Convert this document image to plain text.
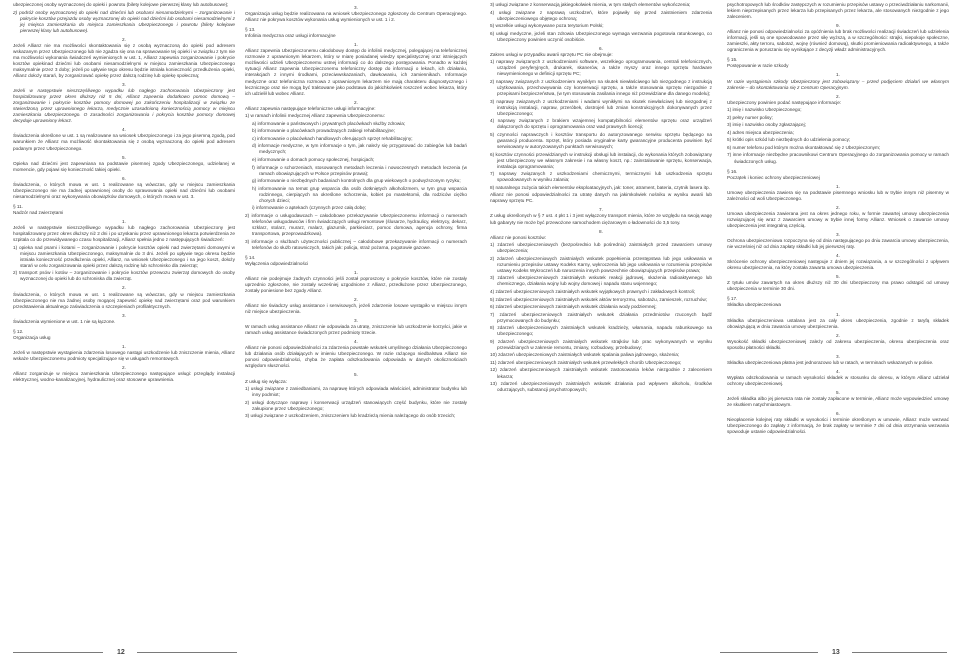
ubezpieczonej osoby wyznaczonej do opieki i powrotu (bilety kolejowe pierwszej klasy lub autobusowe);

2) podróż osoby wyznaczonej do opieki nad dziećmi lub osobami niesamodzielnymi – zorganizowanie i pokrycie kosztów przejazdu osoby wyznaczonej do opieki nad dziećmi lub osobami niesamodzielnymi z jej miejsca zamieszkania do miejsca zamieszkania Ubezpieczonego i powrotu (bilety kolejowe pierwszej klasy lub autobusowe).

2.

Jeżeli Allianz nie ma możliwości skontaktowania się z osobą wyznaczoną do opieki pod adresem wskazanym przez Ubezpieczonego lub nie zgadza się ona na sprawowanie tej opieki i w związku z tym nie ma możliwości wykonania świadczeń wymienionych w ust. 1, Allianz zapewnia zorganizowanie i pokrycie kosztów opiekinad dziećmi lub osobami niesamodzielnymi w miejscu zamieszkania Ubezpieczonego maksymalnie przez 3 doby; jeżeli po upływie tego okresu będzie istniała konieczność przedłużenia opieki, Allianz dołoży starań, by zorganizować opiekę przez dalszą rodzinę lub opiekę społeczną;

3.

Jeżeli w następstwie nieszczęśliwego wypadku lub nagłego zachorowania Ubezpieczony jest hospitalizowany przez okres dłuższy niż 5 dni, Allianz zapewnia dodatkowo pomoc domową – zorganizowanie i pokrycie kosztów pomocy domowej po zakończeniu hospitalizacji w związku ze stwierdzoną przez uprawnionego lekarza, medycznie uzasadnioną koniecznością pomocy w miejscu zamieszkania Ubezpieczonego. O zasadności zorganizowania i pokrycia kosztów pomocy domowej decyduje uprawniony lekarz.

4.

Świadczenia określone w ust. 1 są realizowane na wniosek Ubezpieczonego i za jego pisemną zgodą, pod warunkiem że Allianz ma możliwość skontaktowania się z osobą wyznaczoną do opieki pod adresem podanym przez Ubezpieczonego.

5.

Opieka nad dziećmi jest zapewniana na podstawie pisemnej zgody Ubezpieczonego, udzielanej w momencie, gdy pojawi się konieczność takiej opieki.

6.

Świadczenia, o których mowa w ust. 1 realizowane są wówczas, gdy w miejscu zamieszkania Ubezpieczonego nie ma żadnej uprawnionej osoby do sprawowania opieki nad dziećmi lub osobami niesamodzielnymi oraz wykonywania obowiązków domowych, o których mowa w ust. 3.

§ 11.

Nadzór nad zwierzętami

1.

Jeżeli w następstwie nieszczęśliwego wypadku lub nagłego zachorowania Ubezpieczony jest hospitalizowany przez okres dłuższy niż 2 dni i po uzyskaniu przez uprawnionego lekarza potwierdzenia ze szpitala co do przewidywanego czasu hospitalizacji, Allianz spełnia jedno z następujących świadczeń:

1) opieka nad psami i kotami – zorganizowanie i pokrycie kosztów opieki nad zwierzętami domowymi w miejscu zamieszkania Ubezpieczonego, maksymalnie do 3 dni. Jeżeli po upływie tego okresu będzie istniała konieczność przedłużenia opieki, Allianz, na wniosek Ubezpieczonego i na jego koszt, dołoży starań w celu zorganizowania opieki przez dalszą rodzinę lub schronisko dla zwierząt;

2) transport psów i kotów – zorganizowanie i pokrycie kosztów przewozu zwierząt domowych do osoby wyznaczonej do opieki lub do schroniska dla zwierząt.

2.

Świadczenia, o których mowa w ust. 1 realizowane są wówczas, gdy w miejscu zamieszkania Ubezpieczonego nie ma żadnej osoby mogącej zapewnić opiekę nad zwierzętami oraz pod warunkiem przedstawienia aktualnego zaświadczenia o szczepieniach profilaktycznych.

3.

Świadczenia wymienione w ust. 1 nie są łączone.

§ 12.

Organizacja usług

1.

Jeżeli w następstwie wystąpienia zdarzenia losowego nastąpi uszkodzenie lub zniszczenie mienia, Allianz wskaże Ubezpieczonemu podmioty specjalizujące się w usługach remontowych.

2.

Allianz zorganizuje w miejscu zamieszkania Ubezpieczonego następujące usługi: przeglądy instalacji elektrycznej, wodno-kanalizacyjnej, hydraulicznej oraz stosowne uprawnienia.

3.

Organizacja usług będzie realizowana na wniosek Ubezpieczonego zgłoszony do Centrum Operacyjnego. Allianz nie pokrywa kosztów wykonania usług wymienionych w ust. 1 i 2.

§ 13.

Infolinia medyczna oraz usługi informacyjne

1.

Allianz zapewnia Ubezpieczonemu całodobowy dostęp do infolinii medycznej, polegającej na telefonicznej rozmowie z uprawnionym lekarzem, który w miarę posiadanej wiedzy specjalistycznej oraz istniejących możliwości udzieli Ubezpieczonemu ustnej informacji co do dalszego postępowania. Ponadto w każdej sytuacji Allianz zapewnia Ubezpieczonemu telefoniczny dostęp do informacji o lekach, ich działaniu, interakcjach z innymi środkami, przeciwwskazaniach, dawkowaniu, ich zamiennikach. Informacje medyczne oraz telefoniczna rozmowa z uprawnionym lekarzem nie mają charakteru diagnostycznego i leczniczego oraz nie mogą być traktowane jako podstawa do jakichkolwiek roszczeń wobec lekarza, który ich udzielił lub wobec Allianz.

2.

Allianz zapewnia następujące telefoniczne usługi informacyjne:

1) w ramach infolinii medycznej Allianz zapewnia Ubezpieczonemu:

a) informowanie o państwowych i prywatnych placówkach służby zdrowia;

b) informowanie o placówkach prowadzących zabiegi rehabilitacyjne;

c) informowanie o placówkach handlowych oferujących sprzęt rehabilitacyjny;

d) informacje medyczne, w tym informacje o tym, jak należy się przygotować do zabiegów lub badań medycznych;

e) informowanie o domach pomocy społecznej, hospicjach;

f) informacje o schorzeniach, stosowanych metodach leczenia i nowoczesnych metodach leczenia (w ramach obowiązujących w Polsce przepisów prawa);

g) informowanie o niezbędnych badaniach kontrolnych dla grup wiekowych o podwyższonym ryzyku;

h) informowanie na temat grup wsparcia dla osób dotkniętych alkoholizmem, w tym grup wsparcia rodzinnego, cierpiących na określone schorzenia, kobiet po mastektomii, dla rodziców ciężko chorych dzieci;

i) informowanie o aptekach (czynnych przez całą dobę;

2) informacje o usługodawcach – całodobowe przekazywanie Ubezpieczonemu informacji o numerach telefonów usługodawców i firm świadczących usługi remontowe (ślusarze, hydraulicy, elektrycy, dekarz, szklarz, stolarz, murarz, malarz, glazurnik, parkieciarz, pomoc domowa, agencja ochrony, firma transportowa, przeprowadzkowa).

3) informacje o służbach użyteczności publicznej – całodobowe przekazywanie informacji o numerach telefonów do służb ratowniczych, takich jak: policja, straż pożarna, pogotowie gazowe.

§ 14.

Wyłączenia odpowiedzialności

1.

Allianz nie podejmuje żadnych czynności jeśli został poproszony o pokrycie kosztów, które nie zostały uprzednio zgłoszone, nie zostały wcześniej uzgodnione z Allianz, przedłużone przez Ubezpieczonego, zostały poniesione bez zgody Allianz.

2.

Allianz nie świadczy usług assistance i serwisowych, jeżeli zdarzenie losowe wystąpiło w miejscu innym niż miejsce ubezpieczenia.

3.

W ramach usług assistance Allianz nie odpowiada za utratę, zniszczenie lub uszkodzenie korzyści, jakie w ramach usług assistance świadczonych przez podmioty trzecie.

4.

Allianz nie ponosi odpowiedzialności za zdarzenia powstałe wskutek umyślnego działania Ubezpieczonego lub działania osób działających w imieniu Ubezpieczonego. W razie rażącego niedbalstwa Allianz nie ponosi odpowiedzialności, chyba że zapłata odszkodowania odpowiada w danych okolicznościach względom słuszności.

5.

Z usług się wyłącza:

1) usługi związane z zaniedbaniami, za naprawę których odpowiada właściciel, administrator budynku lub inny podmiot;

2) usługi dotyczące naprawy i konserwacji urządzeń stanowiących część budynku, które nie zostały zakupione przez Ubezpieczonego;

3) usługi związane z uszkodzeniem, zniszczeniem lub kradzieżą mienia należącego do osób trzecich;

3) usługi związane z konserwacją jakiegokolwiek mienia, w tym stałych elementów wykończenia;

4) usługi związane z naprawą uszkodzeń, które pojawiły się przed zaistnieniem zdarzenia ubezpieczeniowego objętego ochroną;

5) wszelkie usługi wykonywane poza terytorium Polski;

6) usługi medyczne, jeżeli stan zdrowia Ubezpieczonego wymaga wezwania pogotowia ratunkowego, co Ubezpieczony powinien uczynić osobiście.

6.

Zakres usługi w przypadku awarii sprzętu PC nie obejmuje:

1) naprawy związanych z uszkodzeniami software, wszelkiego oprogramowania, centrali telefonicznych, urządzeń peryferyjnych, drukarek, skanerów, a także myszy oraz innego sprzętu hardware niewymienionego w definicji sprzętu PC;

2) naprawy związanych z uszkodzeniem wynikłym na skutek niewłaściwego lub niezgodnego z instrukcją użytkowania, przechowywania czy konserwacji sprzętu, a także stosowania sprzętu niezgodnie z przepisami bezpieczeństwa, (w tym stosowania zasilania innego niż przewidziane dla danego modelu);

3) naprawy związanych z uszkodzeniami i wadami wynikłymi na skutek niewłaściwej lub niezgodnej z instrukcją instalacji, napraw, przeróbek, dostrojeń lub zmian konstrukcyjnych dokonywanych przez Ubezpieczonego;

4) naprawy związanych z brakiem wzajemnej kompatybilności elementów sprzętu oraz urządzeń dołączonych do sprzętu i oprogramowania oraz wad prawnych licencji;

5) czynności naprawczych i kosztów transportu do autoryzowanego serwisu sprzętu będącego na gwarancji producenta. Sprzęt, który posiada oryginalne karty gwarancyjne producenta powinien być serwisowany w autoryzowanych punktach serwisowych;

6) kosztów czynności przewidzianych w instrukcji obsługi lub instalacji, do wykonania których zobowiązany jest Ubezpieczony we własnym zakresie i na własny koszt, np.: zainstalowanie sprzętu, konserwacja, instalacja oprogramowania;

7) naprawy związanych z uszkodzeniami chemicznymi, termicznymi lub uszkodzenia sprzętu spowodowanych w wyniku zalania;

8) naturalnego zużycia takich elementów eksploatacyjnych, jak: toner, atrament, bateria, czytnik lasera itp.

Allianz nie ponosi odpowiedzialności za utratę danych na jakimkolwiek nośniku w wyniku awarii lub naprawy sprzętu PC.

7.

Z usług określonych w § 7 ust. 4 pkt 1 i 3 jest wyłączony transport mienia, które ze względu na swoją wagę lub gabaryty nie może być przewożone samochodem ciężarowym o ładowności do 3,5 tony.

8.

Allianz nie ponosi kosztów:

1) zdarzeń ubezpieczeniowych (bezpośrednio lub pośrednio) zaistniałych przed zawarciem umowy ubezpieczenia;

2) zdarzeń ubezpieczeniowych zaistniałych wskutek popełnienia przestępstwa lub jego usiłowania w rozumieniu przepisów ustawy Kodeks Karny, wykroczenia lub jego usiłowania w rozumieniu przepisów ustawy Kodeks Wykroczeń lub naruszenia innych powszechnie obowiązujących przepisów prawa;

3) zdarzeń ubezpieczeniowych zaistniałych wskutek reakcji jądrowej, skażenia radioaktywnego lub chemicznego, działania wojny lub wojny domowej i napadu stanu wojennego;

4) zdarzeń ubezpieczeniowych zaistniałych wskutek wyjątkowych prawnych i zakładowych kontroli;

5) zdarzeń ubezpieczeniowych zaistniałych wskutek aktów terroryzmu, sabotażu, zamieszek, rozruchów;

6) zdarzeń ubezpieczeniowych zaistniałych wskutek działania wody podziemnej;

7) zdarzeń ubezpieczeniowych zaistniałych wskutek działania przedmiotów rzuconych bądź przymocowanych do budynku;

8) zdarzeń ubezpieczeniowych zaistniałych wskutek kradzieży, włamania, napadu rabunkowego na Ubezpieczonego;

9) zdarzeń ubezpieczeniowych zaistniałych wskutek strajków lub prac wykonywanych w wyniku przewidzianych w zakresie remontu, zmiany, rozbudowy, przebudowy;

10) zdarzeń ubezpieczeniowych zaistniałych wskutek spalania paliwa jądrowego, skażenia;

11) zdarzeń ubezpieczeniowych zaistniałych wskutek przewlekłych chorób Ubezpieczonego;

12) zdarzeń ubezpieczeniowych zaistniałych wskutek zastosowania leków niezgodnie z zaleceniem lekarza;

13) zdarzeń ubezpieczeniowych zaistniałych wskutek działania pod wpływem alkoholu, środków odurzających, substancji psychotropowych;

psychotropowych lub środków zastępczych w rozumieniu przepisów ustawy o przeciwdziałaniu narkomanii, lekiem nieprzepisanych przez lekarza lub przepisanych przez lekarza, ale stosowanych niezgodnie z jego zaleceniem.

9.

Allianz nie ponosi odpowiedzialności za opóźnienia lub brak możliwości realizacji świadczeń lub udzielenia informacji, jeśli są one spowodowane przez siłę wyższą, a w szczególności: strajki, niepokoje społeczne, zamieszki, akty terroru, sabotaż, wojnę (również domową), skutki promieniowania radioaktywnego, a także ograniczenia w poruszaniu się wynikające z decyzji władz administracyjnych.

§ 15.

Postępowanie w razie szkody

1.

W razie wystąpienia szkody Ubezpieczony jest zobowiązany – przed podjęciem działań we własnym zakresie – do skontaktowania się z Centrum Operacyjnym.

2.

Ubezpieczony powinien podać następujące informacje:

1) imię i nazwisko Ubezpieczonego;

2) pełny numer polisy;

3) imię i nazwisko osoby zgłaszającej;

4) adres miejsca ubezpieczenia;

5) krótki opis szkód lub niezbędnych do udzielenia pomocy;

6) numer telefonu pod którym można skontaktować się z Ubezpieczonym;

7) inne informacje niezbędne pracownikowi Centrum Operacyjnego do zorganizowania pomocy w ramach świadczonych usług.

§ 16.

Początek i koniec ochrony ubezpieczeniowej

1.

Umowę ubezpieczenia zawiera się na podstawie pisemnego wniosku lub w trybie innym niż pisemny w zależności od woli Ubezpieczonego.

2.

Umowa ubezpieczenia zawierana jest na okres jednego roku, w formie zawartej umowy ubezpieczenia rozwiązującej się wraz z zawarciem umowy w trybie innej formy Allianz. Wniosek o zawarcie umowy ubezpieczenia jest integralną częścią.

3.

Ochrona ubezpieczeniowa rozpoczyna się od dnia następującego po dniu zawarcia umowy ubezpieczenia, nie wcześniej niż od dnia zapłaty składki lub jej pierwszej raty.

4.

Skrócenie ochrony ubezpieczeniowej następuje z dniem jej rozwiązania, a w szczególności z upływem okresu ubezpieczenia, na który została zawarta umowa ubezpieczenia.

5.

Z tytułu umów zawartych na okres dłuższy niż 30 dni Ubezpieczony ma prawo odstąpić od umowy ubezpieczenia w terminie 30 dni.

§ 17.

Składka ubezpieczeniowa

1.

Składka ubezpieczeniowa ustalana jest za cały okres ubezpieczenia, zgodnie z taryfą składek obowiązującą w dniu zawarcia umowy ubezpieczenia.

2.

Wysokość składki ubezpieczeniowej zależy od zakresu ubezpieczenia, okresu ubezpieczenia oraz sposobu płatności składki.

3.

Składka ubezpieczeniowa płatna jest jednorazowo lub w ratach, w terminach wskazanych w polisie.

4.

Wypłata odszkodowania w ramach wysokości składek w stosunku do okresu, w którym Allianz udzielał ochrony ubezpieczeniowej.

5.

Jeżeli składka albo jej pierwsza rata nie zostały zapłacone w terminie, Allianz może wypowiedzieć umowę ze skutkiem natychmiastowym.

6.

Nieopłacenie kolejnej raty składki w wysokości i terminie określonym w umowie, Allianz może wezwać Ubezpieczonego do zapłaty z informacją, że brak zapłaty w terminie 7 dni od dnia otrzymania wezwania spowoduje ustanie odpowiedzialności.

12	13
